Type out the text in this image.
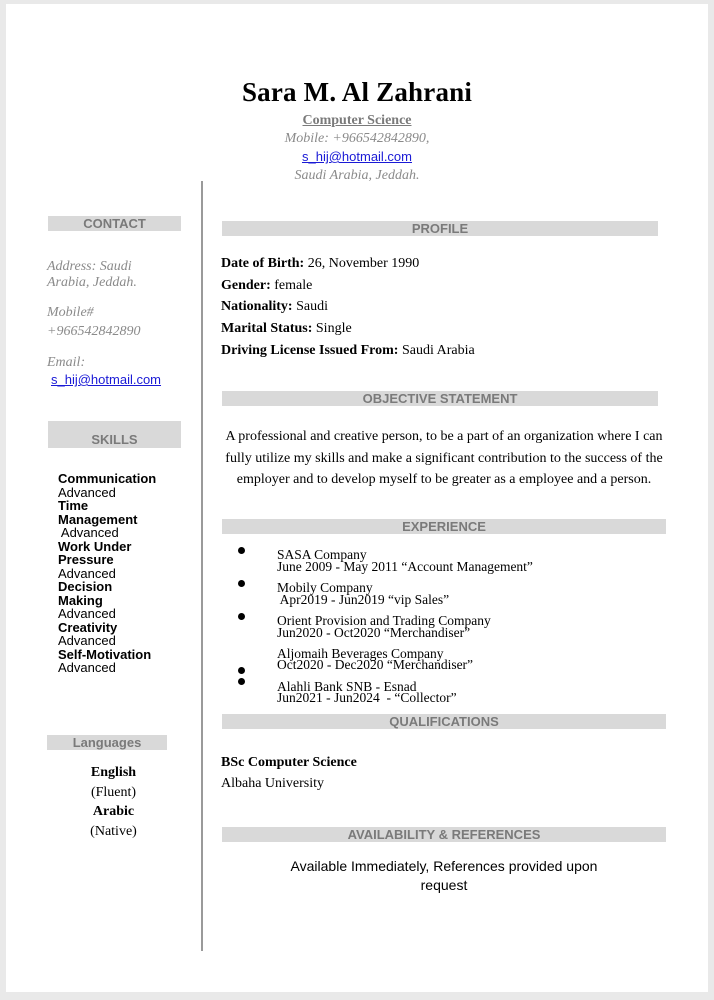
Sara M. Al Zahrani
Computer Science
Mobile: +966542842890,
s_hij@hotmail.com
Saudi Arabia, Jeddah.
CONTACT
Address: Saudi
Arabia, Jeddah.
Mobile#
+966542842890
Email:
s_hij@hotmail.com
SKILLS
Communication
Advanced
Time
Management
Advanced
Work Under
Pressure
Advanced
Decision
Making
Advanced
Creativity
Advanced
Self-Motivation
Advanced
Languages
English
(Fluent)
Arabic
(Native)
PROFILE
Date of Birth: 26, November 1990
Gender: female
Nationality: Saudi
Marital Status: Single
Driving License Issued From: Saudi Arabia
OBJECTIVE STATEMENT
A professional and creative person, to be a part of an organization where I can
fully utilize my skills and make a significant contribution to the success of the
employer and to develop myself to be greater as a employee and a person.
EXPERIENCE
SASA Company
June 2009 - May 2011 “Account Management”
Mobily Company
Apr2019 - Jun2019 “vip Sales”
Orient Provision and Trading Company
Jun2020 - Oct2020 “Merchandiser”
Aljomaih Beverages Company
Oct2020 - Dec2020 “Merchandiser”
Alahli Bank SNB - Esnad
Jun2021 - Jun2024  - “Collector”
QUALIFICATIONS
BSc Computer Science
Albaha University
AVAILABILITY & REFERENCES
Available Immediately, References provided upon
request
